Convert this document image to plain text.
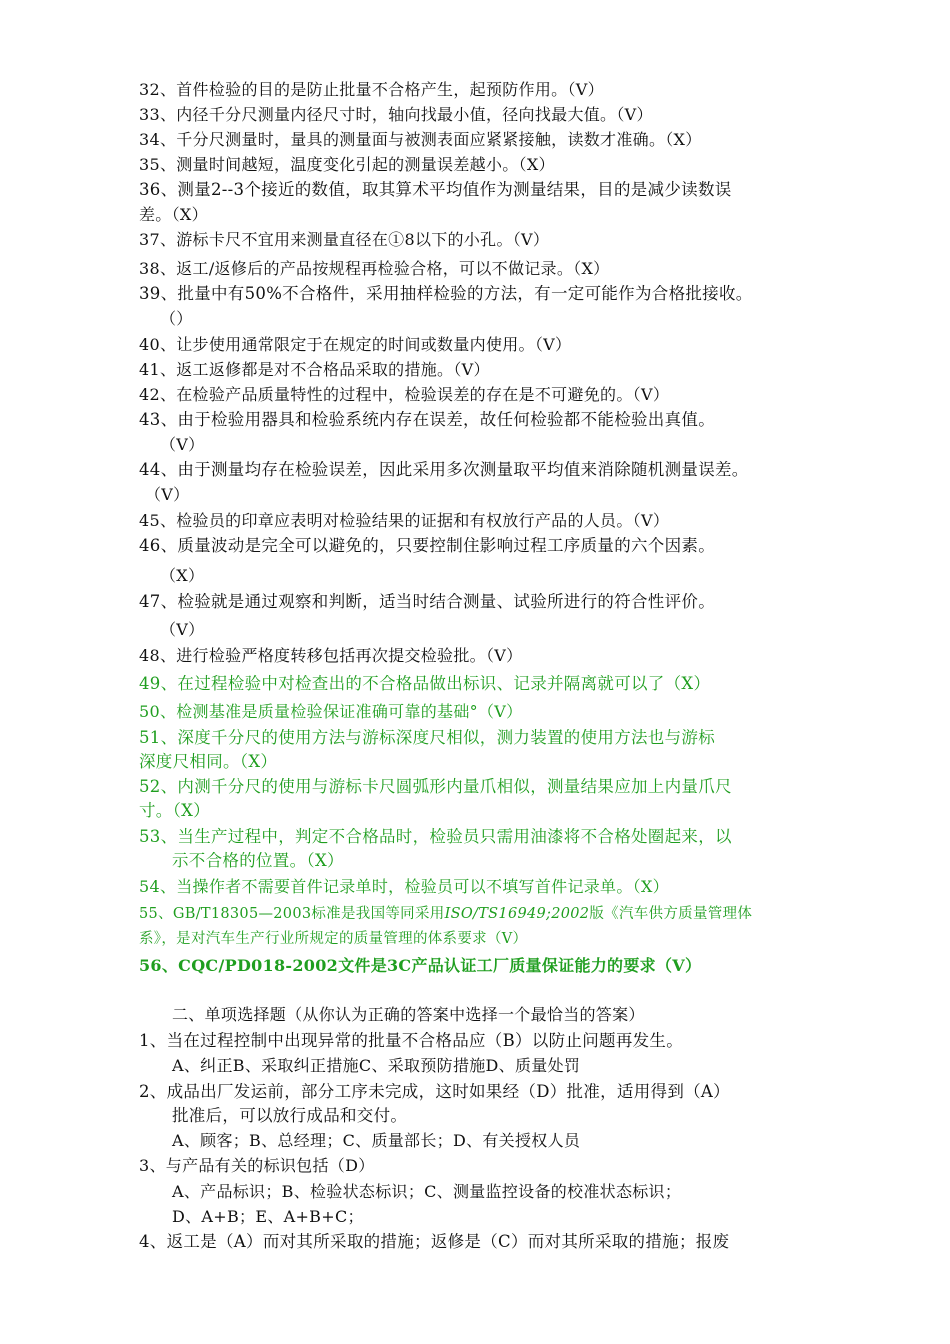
32、首件检验的目的是防止批量不合格产生，起预防作用。（V）
33、内径千分尺测量内径尺寸时，轴向找最小值，径向找最大值。（V）
34、千分尺测量时，量具的测量面与被测表面应紧紧接触，读数才准确。（X）
35、测量时间越短，温度变化引起的测量误差越小。（X）
36、测量2--3个接近的数值，取其算术平均值作为测量结果，目的是减少读数误
差。（X）
37、游标卡尺不宜用来测量直径在①8以下的小孔。（V）
38、返工/返修后的产品按规程再检验合格，可以不做记录。（X）
39、批量中有50%不合格件，采用抽样检验的方法，有一定可能作为合格批接收。
（）
40、让步使用通常限定于在规定的时间或数量内使用。（V）
41、返工返修都是对不合格品采取的措施。（V）
42、在检验产品质量特性的过程中，检验误差的存在是不可避免的。（V）
43、由于检验用器具和检验系统内存在误差，故任何检验都不能检验出真值。
（V）
44、由于测量均存在检验误差，因此采用多次测量取平均值来消除随机测量误差。
（V）
45、检验员的印章应表明对检验结果的证据和有权放行产品的人员。（V）
46、质量波动是完全可以避免的，只要控制住影响过程工序质量的六个因素。
（X）
47、检验就是通过观察和判断，适当时结合测量、试验所进行的符合性评价。
（V）
48、进行检验严格度转移包括再次提交检验批。（V）
49、在过程检验中对检查出的不合格品做出标识、记录并隔离就可以了（X）
50、检测基准是质量检验保证准确可靠的基础°（V）
51、深度千分尺的使用方法与游标深度尺相似，测力装置的使用方法也与游标
深度尺相同。（X）
52、内测千分尺的使用与游标卡尺圆弧形内量爪相似，测量结果应加上内量爪尺
寸。（X）
53、当生产过程中，判定不合格品时，检验员只需用油漆将不合格处圈起来，以
示不合格的位置。（X）
54、当操作者不需要首件记录单时，检验员可以不填写首件记录单。（X）
55、GB/T18305—2003标准是我国等同采用ISO/TS16949;2002版《汽车供方质量管理体
系》，是对汽车生产行业所规定的质量管理的体系要求（V）
56、CQC/PD018-2002文件是3C产品认证工厂质量保证能力的要求（V）
二、单项选择题（从你认为正确的答案中选择一个最恰当的答案）
1、当在过程控制中出现异常的批量不合格品应（B）以防止问题再发生。
A、纠正B、采取纠正措施C、采取预防措施D、质量处罚
2、成品出厂发运前，部分工序未完成，这时如果经（D）批准，适用得到（A）
批准后，可以放行成品和交付。
A、顾客；B、总经理；C、质量部长；D、有关授权人员
3、与产品有关的标识包括（D）
A、产品标识；B、检验状态标识；C、测量监控设备的校准状态标识；
D、A+B；E、A+B+C；
4、返工是（A）而对其所采取的措施；返修是（C）而对其所采取的措施；报废
